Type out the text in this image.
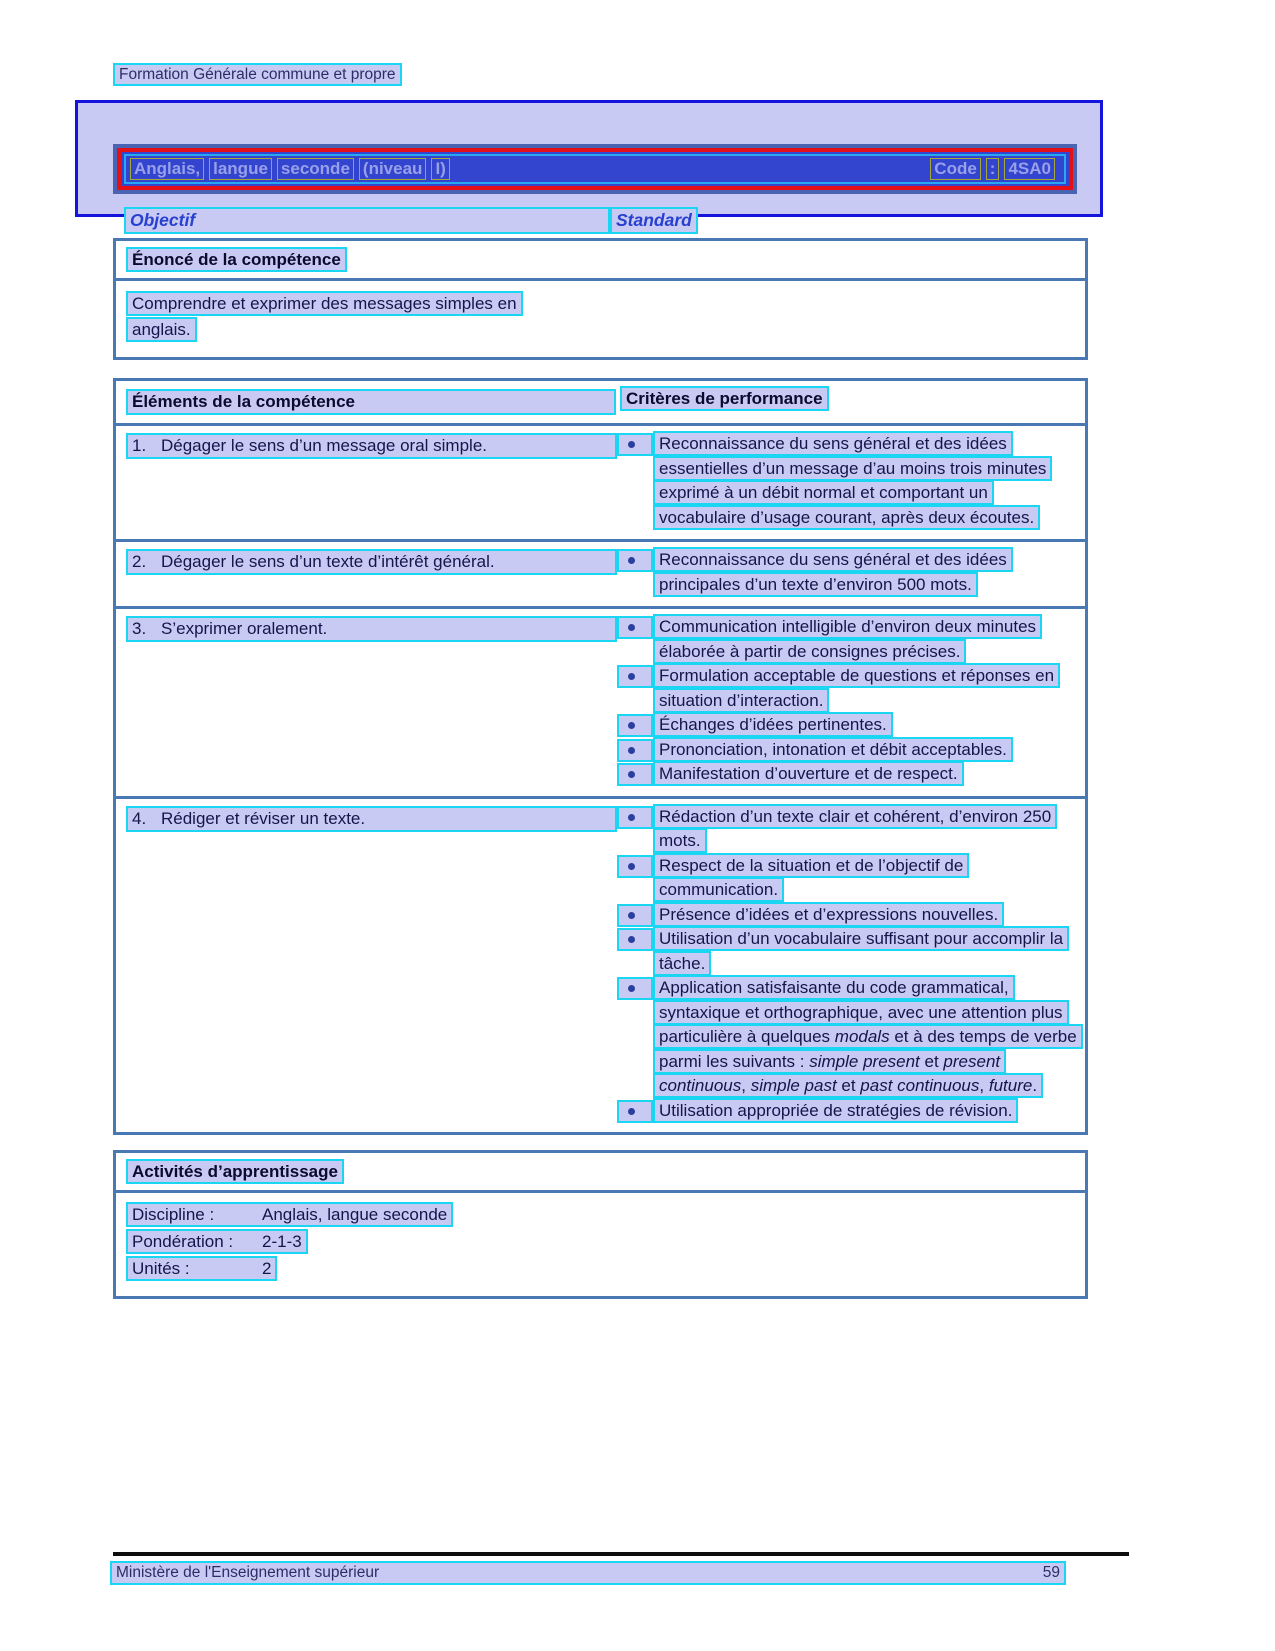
Formation Générale commune et propre
Anglais, langue seconde (niveau I)	Code : 4SA0
Objectif	Standard
Énoncé de la compétence
Comprendre et exprimer des messages simples en anglais.
Éléments de la compétence	Critères de performance
1. Dégager le sens d’un message oral simple.	Reconnaissance du sens général et des idées essentielles d’un message d’au moins trois minutes exprimé à un débit normal et comportant un vocabulaire d’usage courant, après deux écoutes.
2. Dégager le sens d’un texte d’intérêt général.	Reconnaissance du sens général et des idées principales d’un texte d’environ 500 mots.
3. S’exprimer oralement.	Communication intelligible d’environ deux minutes élaborée à partir de consignes précises.
Formulation acceptable de questions et réponses en situation d’interaction.
Échanges d’idées pertinentes.
Prononciation, intonation et débit acceptables.
Manifestation d’ouverture et de respect.
4. Rédiger et réviser un texte.	Rédaction d’un texte clair et cohérent, d’environ 250 mots.
Respect de la situation et de l’objectif de communication.
Présence d’idées et d’expressions nouvelles.
Utilisation d’un vocabulaire suffisant pour accomplir la tâche.
Application satisfaisante du code grammatical, syntaxique et orthographique, avec une attention plus particulière à quelques modals et à des temps de verbe parmi les suivants : simple present et present continuous, simple past et past continuous, future.
Utilisation appropriée de stratégies de révision.
Activités d’apprentissage
Discipline :	Anglais, langue seconde
Pondération : 2-1-3
Unités :	2
Ministère de l'Enseignement supérieur	59
